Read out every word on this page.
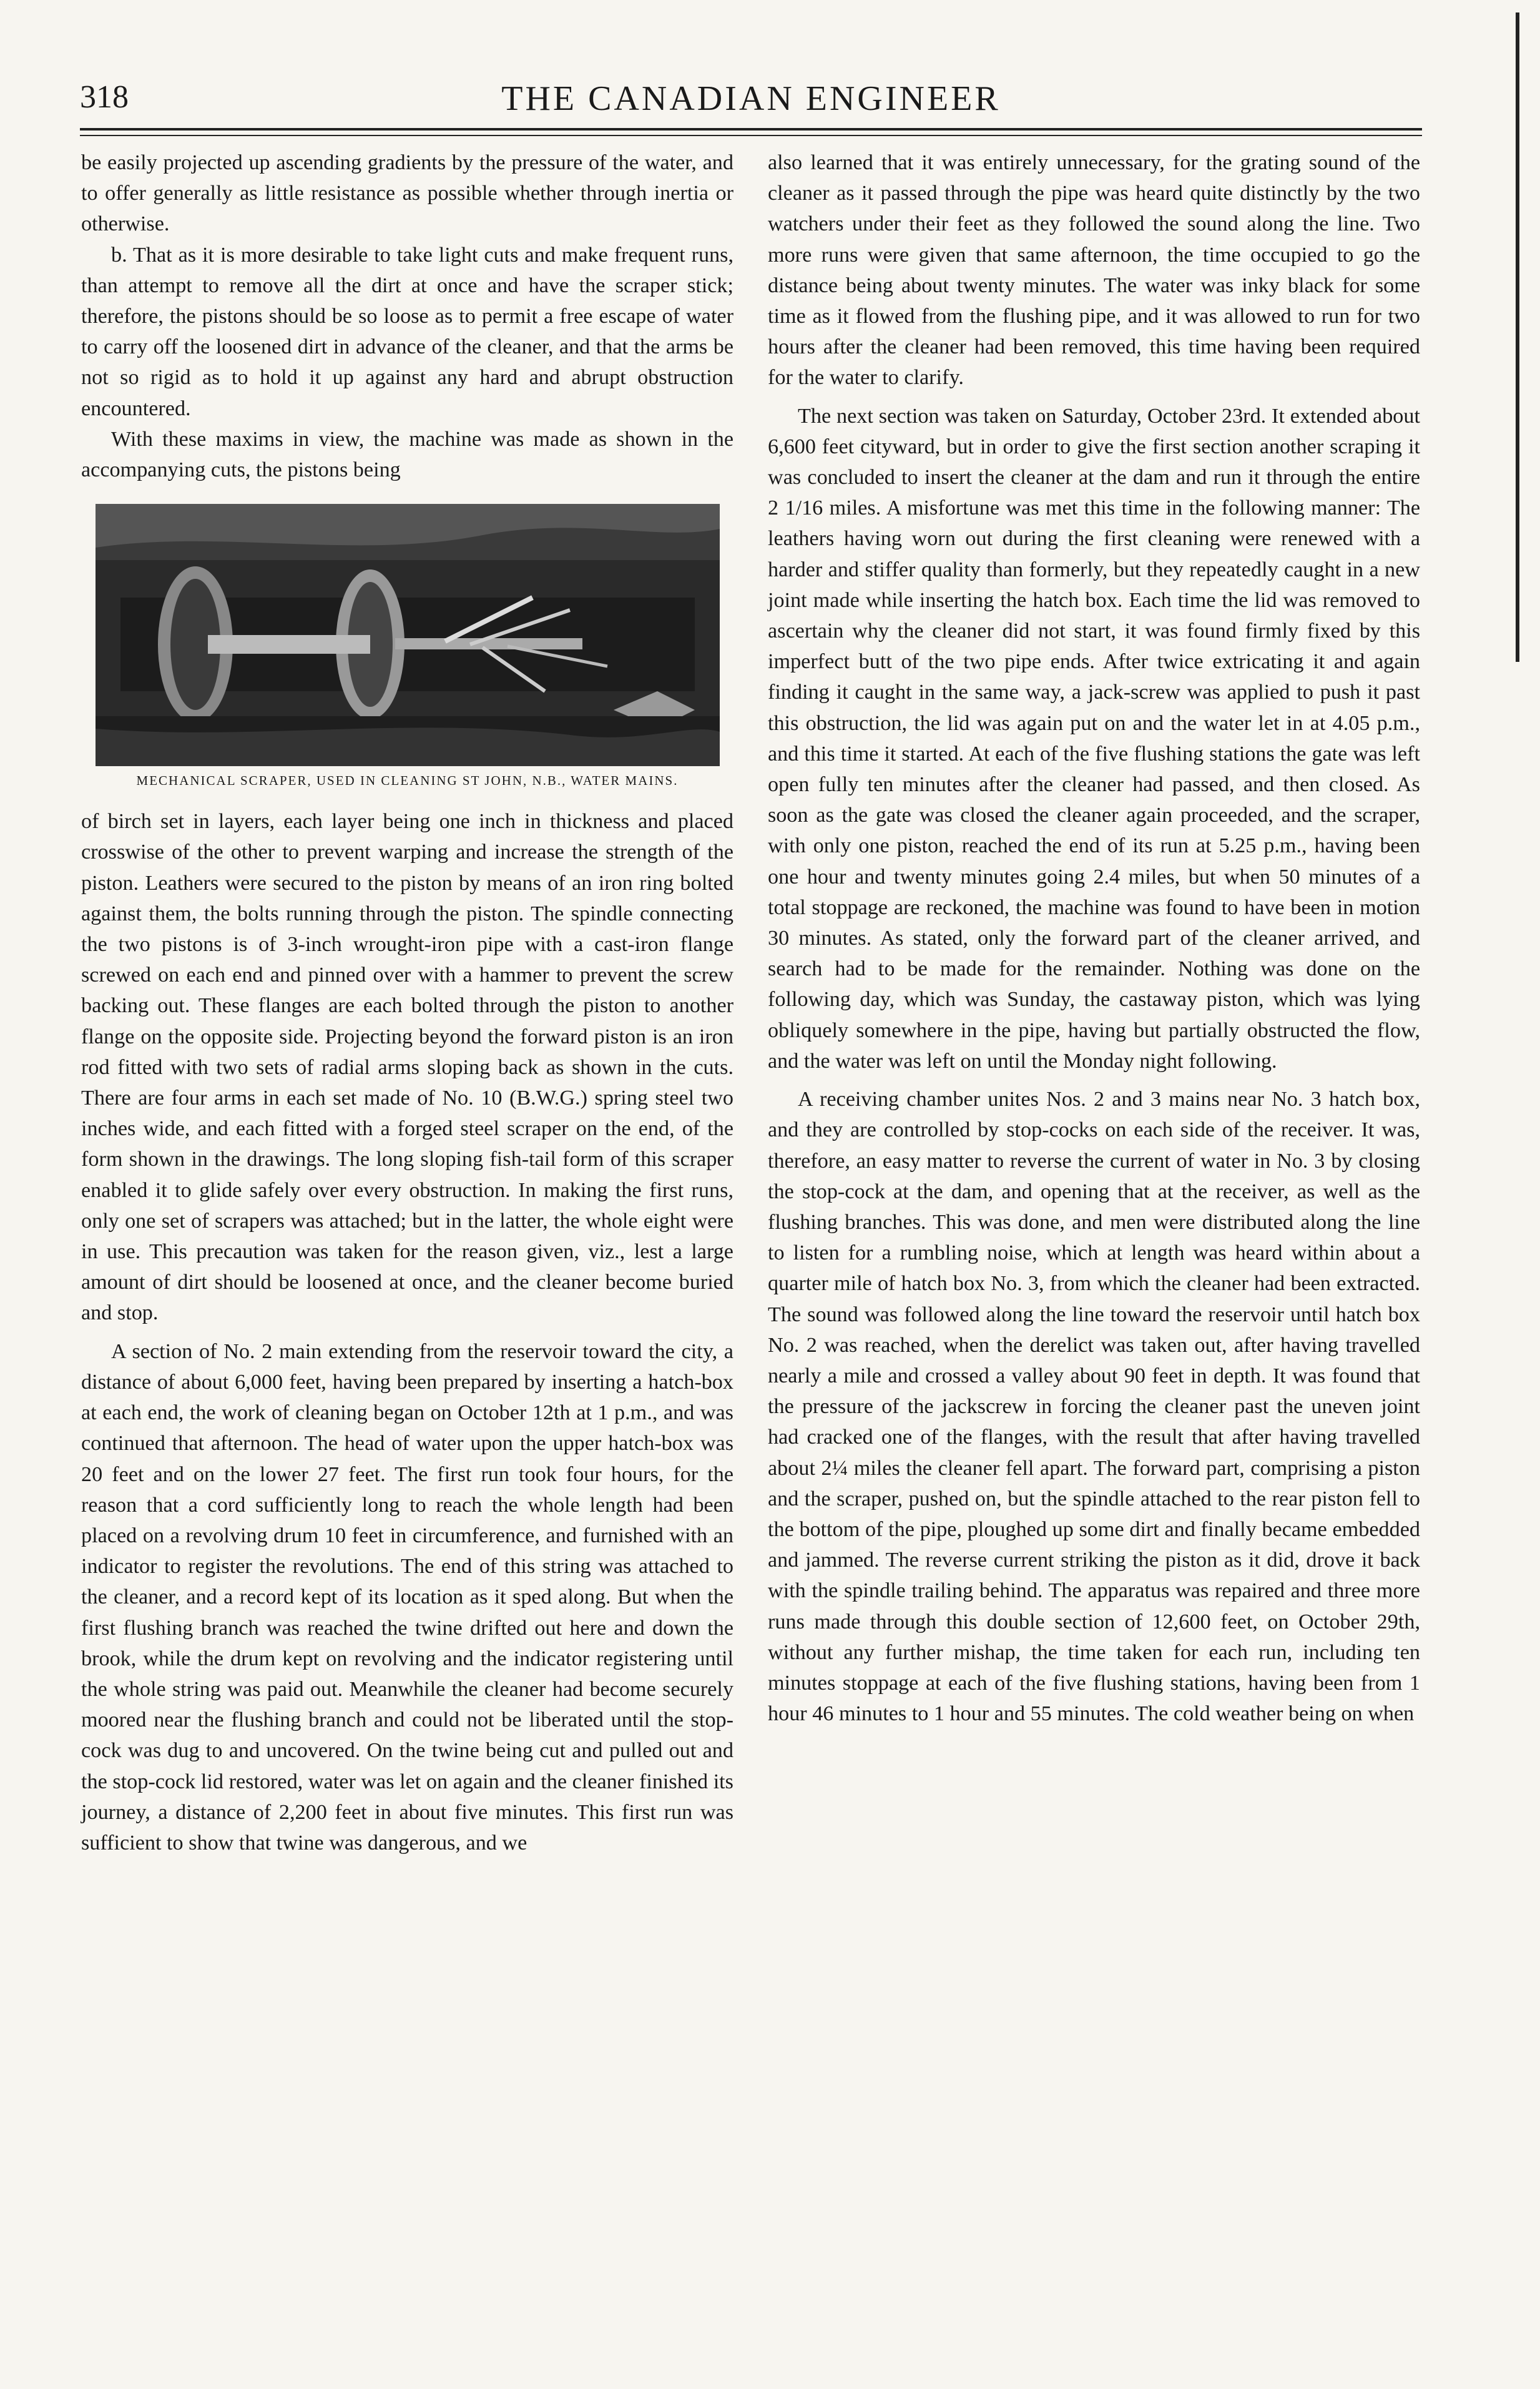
318	THE CANADIAN ENGINEER

be easily projected up ascending gradients by the pressure of the water, and to offer generally as little resistance as possible whether through inertia or otherwise.

b. That as it is more desirable to take light cuts and make frequent runs, than attempt to remove all the dirt at once and have the scraper stick; therefore, the pistons should be so loose as to permit a free escape of water to carry off the loosened dirt in advance of the cleaner, and that the arms be not so rigid as to hold it up against any hard and abrupt obstruction encountered.

With these maxims in view, the machine was made as shown in the accompanying cuts, the pistons being

MECHANICAL SCRAPER, USED IN CLEANING ST JOHN, N.B., WATER MAINS.

of birch set in layers, each layer being one inch in thickness and placed crosswise of the other to prevent warping and increase the strength of the piston. Leathers were secured to the piston by means of an iron ring bolted against them, the bolts running through the piston. The spindle connecting the two pistons is of 3-inch wrought-iron pipe with a cast-iron flange screwed on each end and pinned over with a hammer to prevent the screw backing out. These flanges are each bolted through the piston to another flange on the opposite side. Projecting beyond the forward piston is an iron rod fitted with two sets of radial arms sloping back as shown in the cuts. There are four arms in each set made of No. 10 (B.W.G.) spring steel two inches wide, and each fitted with a forged steel scraper on the end, of the form shown in the drawings. The long sloping fish-tail form of this scraper enabled it to glide safely over every obstruction. In making the first runs, only one set of scrapers was attached; but in the latter, the whole eight were in use. This precaution was taken for the reason given, viz., lest a large amount of dirt should be loosened at once, and the cleaner become buried and stop.

A section of No. 2 main extending from the reservoir toward the city, a distance of about 6,000 feet, having been prepared by inserting a hatch-box at each end, the work of cleaning began on October 12th at 1 p.m., and was continued that afternoon. The head of water upon the upper hatch-box was 20 feet and on the lower 27 feet. The first run took four hours, for the reason that a cord sufficiently long to reach the whole length had been placed on a revolving drum 10 feet in circumference, and furnished with an indicator to register the revolutions. The end of this string was attached to the cleaner, and a record kept of its location as it sped along. But when the first flushing branch was reached the twine drifted out here and down the brook, while the drum kept on revolving and the indicator registering until the whole string was paid out. Meanwhile the cleaner had become securely moored near the flushing branch and could not be liberated until the stop-cock was dug to and uncovered. On the twine being cut and pulled out and the stop-cock lid restored, water was let on again and the cleaner finished its journey, a distance of 2,200 feet in about five minutes. This first run was sufficient to show that twine was dangerous, and we

also learned that it was entirely unnecessary, for the grating sound of the cleaner as it passed through the pipe was heard quite distinctly by the two watchers under their feet as they followed the sound along the line. Two more runs were given that same afternoon, the time occupied to go the distance being about twenty minutes. The water was inky black for some time as it flowed from the flushing pipe, and it was allowed to run for two hours after the cleaner had been removed, this time having been required for the water to clarify.

The next section was taken on Saturday, October 23rd. It extended about 6,600 feet cityward, but in order to give the first section another scraping it was concluded to insert the cleaner at the dam and run it through the entire 2 1/16 miles. A misfortune was met this time in the following manner: The leathers having worn out during the first cleaning were renewed with a harder and stiffer quality than formerly, but they repeatedly caught in a new joint made while inserting the hatch box. Each time the lid was removed to ascertain why the cleaner did not start, it was found firmly fixed by this imperfect butt of the two pipe ends. After twice extricating it and again finding it caught in the same way, a jack-screw was applied to push it past this obstruction, the lid was again put on and the water let in at 4.05 p.m., and this time it started. At each of the five flushing stations the gate was left open fully ten minutes after the cleaner had passed, and then closed. As soon as the gate was closed the cleaner again proceeded, and the scraper, with only one piston, reached the end of its run at 5.25 p.m., having been one hour and twenty minutes going 2.4 miles, but when 50 minutes of a total stoppage are reckoned, the machine was found to have been in motion 30 minutes. As stated, only the forward part of the cleaner arrived, and search had to be made for the remainder. Nothing was done on the following day, which was Sunday, the castaway piston, which was lying obliquely somewhere in the pipe, having but partially obstructed the flow, and the water was left on until the Monday night following.

A receiving chamber unites Nos. 2 and 3 mains near No. 3 hatch box, and they are controlled by stop-cocks on each side of the receiver. It was, therefore, an easy matter to reverse the current of water in No. 3 by closing the stop-cock at the dam, and opening that at the receiver, as well as the flushing branches. This was done, and men were distributed along the line to listen for a rumbling noise, which at length was heard within about a quarter mile of hatch box No. 3, from which the cleaner had been extracted. The sound was followed along the line toward the reservoir until hatch box No. 2 was reached, when the derelict was taken out, after having travelled nearly a mile and crossed a valley about 90 feet in depth. It was found that the pressure of the jackscrew in forcing the cleaner past the uneven joint had cracked one of the flanges, with the result that after having travelled about 2¼ miles the cleaner fell apart. The forward part, comprising a piston and the scraper, pushed on, but the spindle attached to the rear piston fell to the bottom of the pipe, ploughed up some dirt and finally became embedded and jammed. The reverse current striking the piston as it did, drove it back with the spindle trailing behind. The apparatus was repaired and three more runs made through this double section of 12,600 feet, on October 29th, without any further mishap, the time taken for each run, including ten minutes stoppage at each of the five flushing stations, having been from 1 hour 46 minutes to 1 hour and 55 minutes. The cold weather being on when
